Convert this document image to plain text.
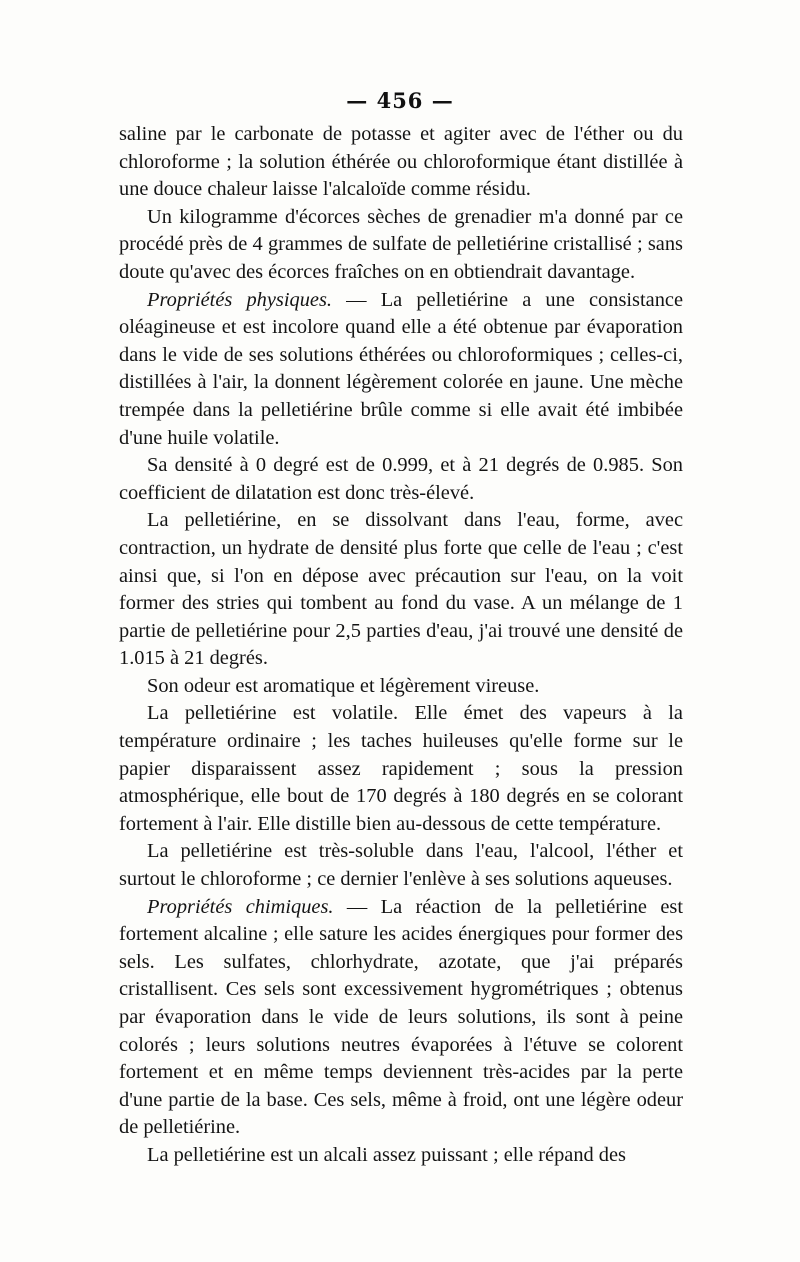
— 456 —

saline par le carbonate de potasse et agiter avec de l'éther ou du chloroforme ; la solution éthérée ou chloroformique étant distillée à une douce chaleur laisse l'alcaloïde comme résidu.

Un kilogramme d'écorces sèches de grenadier m'a donné par ce procédé près de 4 grammes de sulfate de pelletiérine cristallisé ; sans doute qu'avec des écorces fraîches on en obtiendrait davantage.

Propriétés physiques. — La pelletiérine a une consistance oléagineuse et est incolore quand elle a été obtenue par évaporation dans le vide de ses solutions éthérées ou chloroformiques ; celles-ci, distillées à l'air, la donnent légèrement colorée en jaune. Une mèche trempée dans la pelletiérine brûle comme si elle avait été imbibée d'une huile volatile.

Sa densité à 0 degré est de 0.999, et à 21 degrés de 0.985. Son coefficient de dilatation est donc très-élevé.

La pelletiérine, en se dissolvant dans l'eau, forme, avec contraction, un hydrate de densité plus forte que celle de l'eau ; c'est ainsi que, si l'on en dépose avec précaution sur l'eau, on la voit former des stries qui tombent au fond du vase. A un mélange de 1 partie de pelletiérine pour 2,5 parties d'eau, j'ai trouvé une densité de 1.015 à 21 degrés.

Son odeur est aromatique et légèrement vireuse.

La pelletiérine est volatile. Elle émet des vapeurs à la température ordinaire ; les taches huileuses qu'elle forme sur le papier disparaissent assez rapidement ; sous la pression atmosphérique, elle bout de 170 degrés à 180 degrés en se colorant fortement à l'air. Elle distille bien au-dessous de cette température.

La pelletiérine est très-soluble dans l'eau, l'alcool, l'éther et surtout le chloroforme ; ce dernier l'enlève à ses solutions aqueuses.

Propriétés chimiques. — La réaction de la pelletiérine est fortement alcaline ; elle sature les acides énergiques pour former des sels. Les sulfates, chlorhydrate, azotate, que j'ai préparés cristallisent. Ces sels sont excessivement hygrométriques ; obtenus par évaporation dans le vide de leurs solutions, ils sont à peine colorés ; leurs solutions neutres évaporées à l'étuve se colorent fortement et en même temps deviennent très-acides par la perte d'une partie de la base. Ces sels, même à froid, ont une légère odeur de pelletiérine.

La pelletiérine est un alcali assez puissant ; elle répand des
